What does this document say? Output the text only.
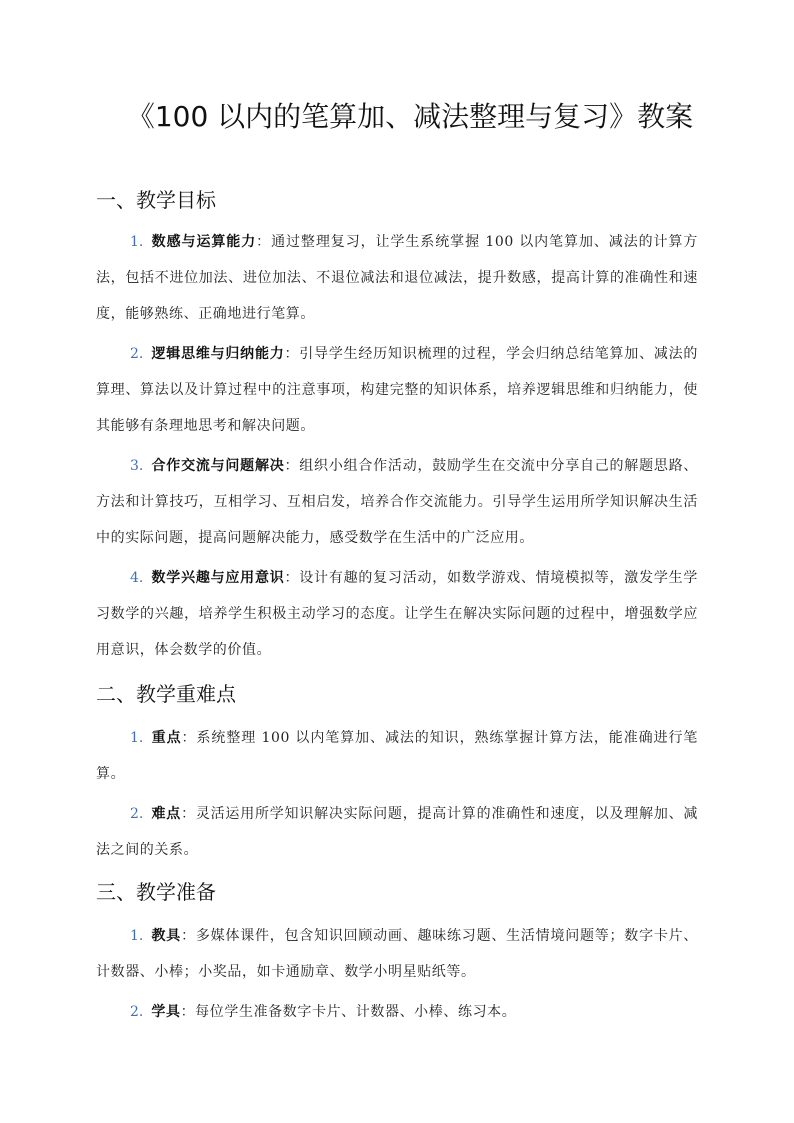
《100 以内的笔算加、减法整理与复习》教案
一、教学目标

1. 数感与运算能力：通过整理复习，让学生系统掌握 100 以内笔算加、减法的计算方法，包括不进位加法、进位加法、不退位减法和退位减法，提升数感，提高计算的准确性和速度，能够熟练、正确地进行笔算。

2. 逻辑思维与归纳能力：引导学生经历知识梳理的过程，学会归纳总结笔算加、减法的算理、算法以及计算过程中的注意事项，构建完整的知识体系，培养逻辑思维和归纳能力，使其能够有条理地思考和解决问题。

3. 合作交流与问题解决：组织小组合作活动，鼓励学生在交流中分享自己的解题思路、方法和计算技巧，互相学习、互相启发，培养合作交流能力。引导学生运用所学知识解决生活中的实际问题，提高问题解决能力，感受数学在生活中的广泛应用。

4. 数学兴趣与应用意识：设计有趣的复习活动，如数学游戏、情境模拟等，激发学生学习数学的兴趣，培养学生积极主动学习的态度。让学生在解决实际问题的过程中，增强数学应用意识，体会数学的价值。

二、教学重难点

1. 重点：系统整理 100 以内笔算加、减法的知识，熟练掌握计算方法，能准确进行笔算。

2. 难点：灵活运用所学知识解决实际问题，提高计算的准确性和速度，以及理解加、减法之间的关系。

三、教学准备

1. 教具：多媒体课件，包含知识回顾动画、趣味练习题、生活情境问题等；数字卡片、计数器、小棒；小奖品，如卡通励章、数学小明星贴纸等。

2. 学具：每位学生准备数字卡片、计数器、小棒、练习本。
